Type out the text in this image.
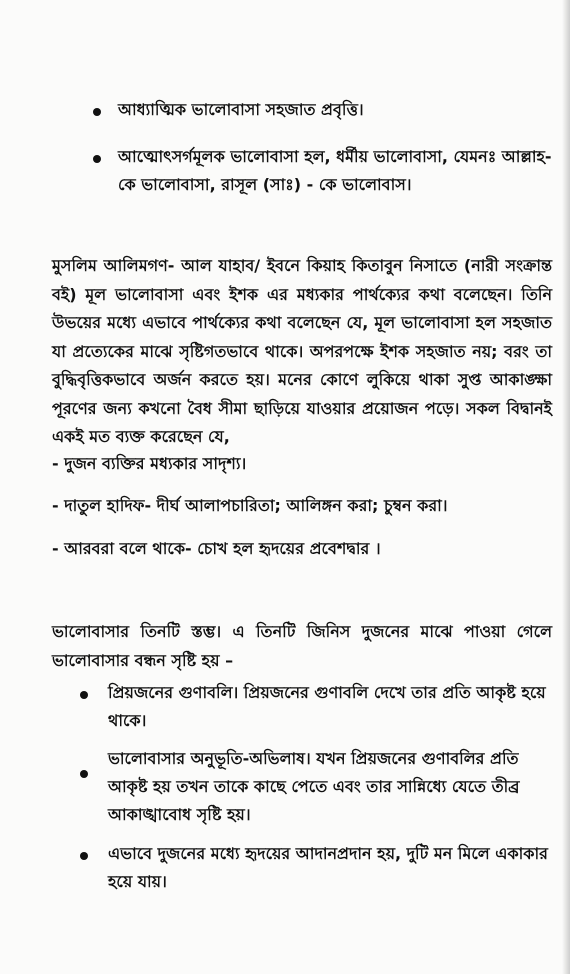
আধ্যাত্মিক ভালোবাসা সহজাত প্রবৃত্তি।
আত্মোৎসর্গমূলক ভালোবাসা হল, ধর্মীয় ভালোবাসা, যেমনঃ আল্লাহ-কে ভালোবাসা, রাসূল (সাঃ) - কে ভালোবাস।
মুসলিম আলিমগণ- আল যাহাব/ ইবনে কিয়াহ কিতাবুন নিসাতে (নারী সংক্রান্ত বই) মূল ভালোবাসা এবং ইশক এর মধ্যকার পার্থক্যের কথা বলেছেন। তিনি উভয়ের মধ্যে এভাবে পার্থক্যের কথা বলেছেন যে, মূল ভালোবাসা হল সহজাত যা প্রত্যেকের মাঝে সৃষ্টিগতভাবে থাকে। অপরপক্ষে ইশক সহজাত নয়; বরং তা বুদ্ধিবৃত্তিকভাবে অর্জন করতে হয়। মনের কোণে লুকিয়ে থাকা সুপ্ত আকাঙ্ক্ষা পূরণের জন্য কখনো বৈধ সীমা ছাড়িয়ে যাওয়ার প্রয়োজন পড়ে। সকল বিদ্বানই একই মত ব্যক্ত করেছেন যে,
- দুজন ব্যক্তির মধ্যকার সাদৃশ্য।
- দাতুল হাদিফ- দীর্ঘ আলাপচারিতা; আলিঙ্গন করা; চুম্বন করা।
- আরবরা বলে থাকে- চোখ হল হৃদয়ের প্রবেশদ্বার ।
ভালোবাসার তিনটি স্তম্ভ। এ তিনটি জিনিস দুজনের মাঝে পাওয়া গেলে ভালোবাসার বন্ধন সৃষ্টি হয় –
প্রিয়জনের গুণাবলি। প্রিয়জনের গুণাবলি দেখে তার প্রতি আকৃষ্ট হয়ে থাকে।
ভালোবাসার অনুভূতি-অভিলাষ। যখন প্রিয়জনের গুণাবলির প্রতি আকৃষ্ট হয় তখন তাকে কাছে পেতে এবং তার সান্নিধ্যে যেতে তীব্র আকাঙ্খাবোধ সৃষ্টি হয়।
এভাবে দুজনের মধ্যে হৃদয়ের আদানপ্রদান হয়, দুটি মন মিলে একাকার হয়ে যায়।
